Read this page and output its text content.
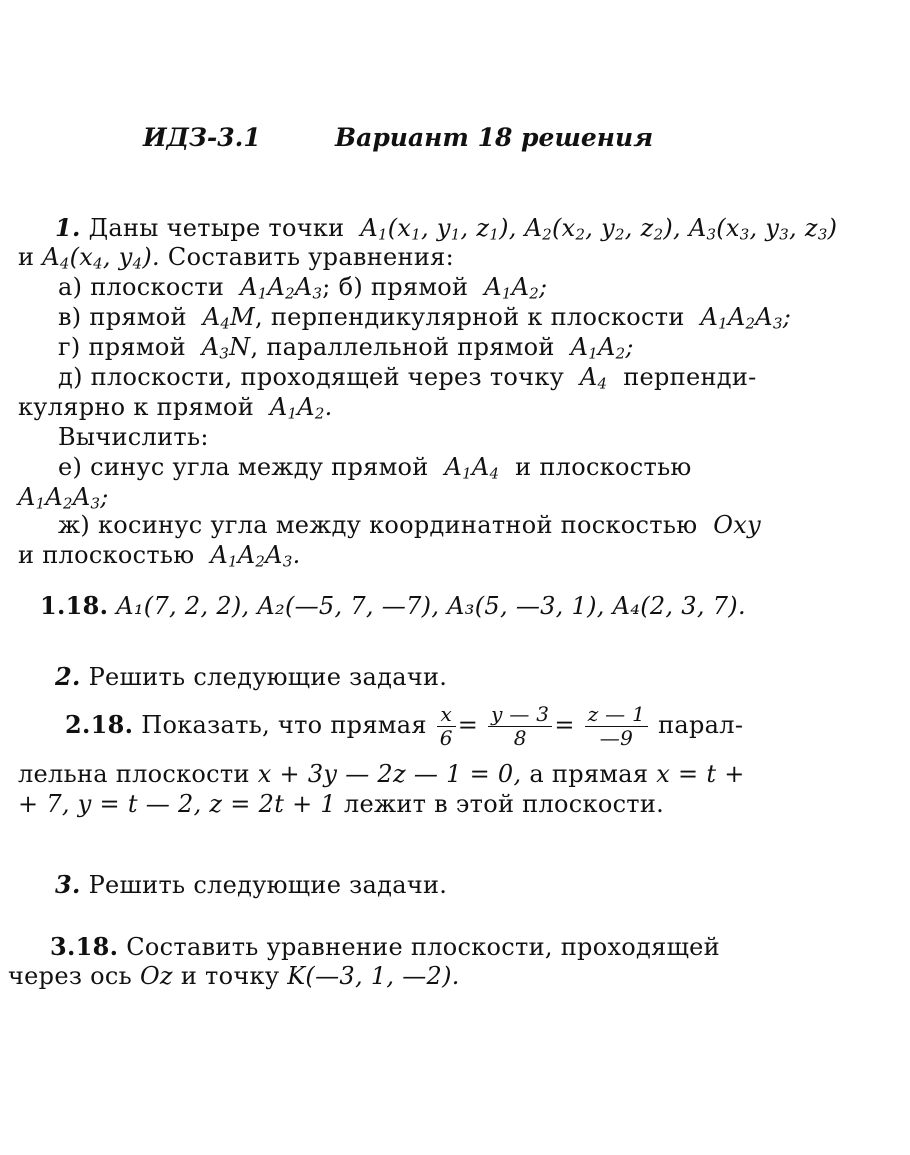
ИДЗ-3.1	Вариант 18 решения
1. Даны четыре точки  $A_1(x_1$, $y_1$, $z_1$), $A_2(x_2$, $y_2$, $z_2$), $A_3(x_3$, $y_3$, $z_3$)
и $A_4(x_4$, $y_4$). Составить уравнения:
а) плоскости  $A_1A_2A_3$; б) прямой  $A_1A_2$;
в) прямой  $A_4M$, перпендикулярной к плоскости  $A_1A_2A_3$;
г) прямой  $A_3N$, параллельной прямой  $A_1A_2$;
д) плоскости, проходящей через точку  $A_4$ перпенди-
кулярно к прямой  $A_1A_2$.
Вычислить:
е) синус угла между прямой  $A_1A_4$ и плоскостью
$A_1A_2A_3$;
ж) косинус угла между координатной поскостью  Oxy
и плоскостью  $A_1A_2A_3$.
1.18. A₁(7, 2, 2), A₂(—5, 7, —7), A₃(5, —3, 1), A₄(2, 3, 7).
2. Решить следующие задачи.
2.18. Показать, что прямая $\frac{x}{6} = \frac{y — 3}{8} = \frac{z — 1}{—9}$ парал-
лельна плоскости x + 3y — 2z — 1 = 0, а прямая x = t +
+ 7, y = t — 2, z = 2t + 1 лежит в этой плоскости.
3. Решить следующие задачи.
3.18. Составить уравнение плоскости, проходящей
через ось Oz и точку K(—3, 1, —2).
